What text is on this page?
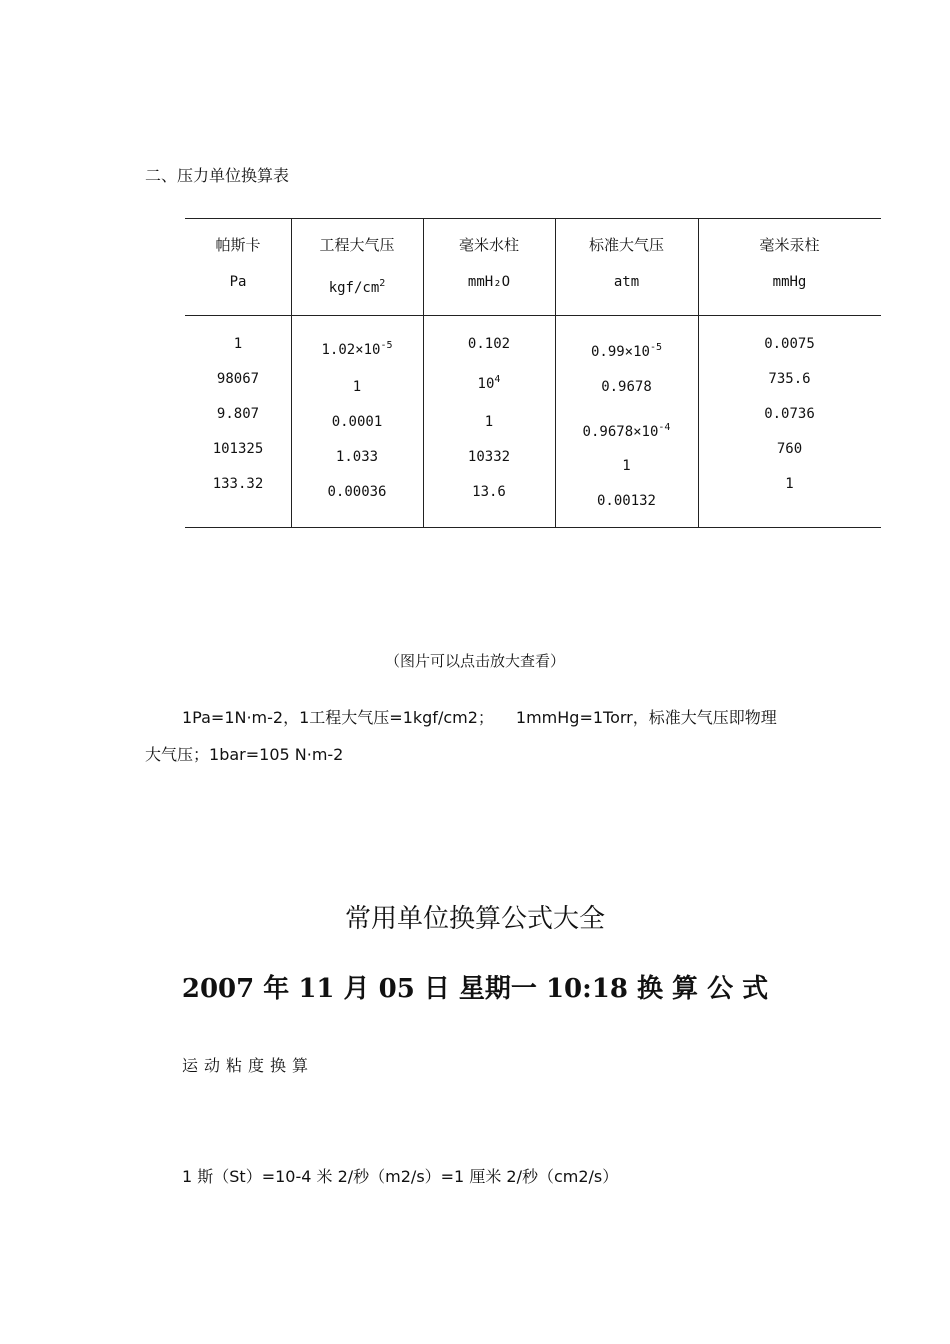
二、压力单位换算表
帕斯卡
Pa
1
98067
9.807
101325
133.32
工程大气压
kgf/$cm^2$
$1.02\times 10^{-5}$
1
0.0001
1.033
0.00036
毫米水柱
mmH₂O
0.102
$10^4$
1
10332
13.6
标准大气压
atm
$0.99\times 10^{-5}$
0.9678
$0.9678\times 10^{-4}$
1
0.00132
毫米汞柱
mmHg
0.0075
735.6
0.0736
760
1
（图片可以点击放大查看）
1Pa=1N·m-2，1工程大气压=1kgf/cm2； 1mmHg=1Torr，标准大气压即物理
大气压；1bar=105 N·m-2
常用单位换算公式大全
2007 年 11 月 05 日 星期一 10:18 换 算 公 式
运动粘度换算
1 斯（St）=10-4 米 2/秒（m2/s）=1 厘米 2/秒（cm2/s）
